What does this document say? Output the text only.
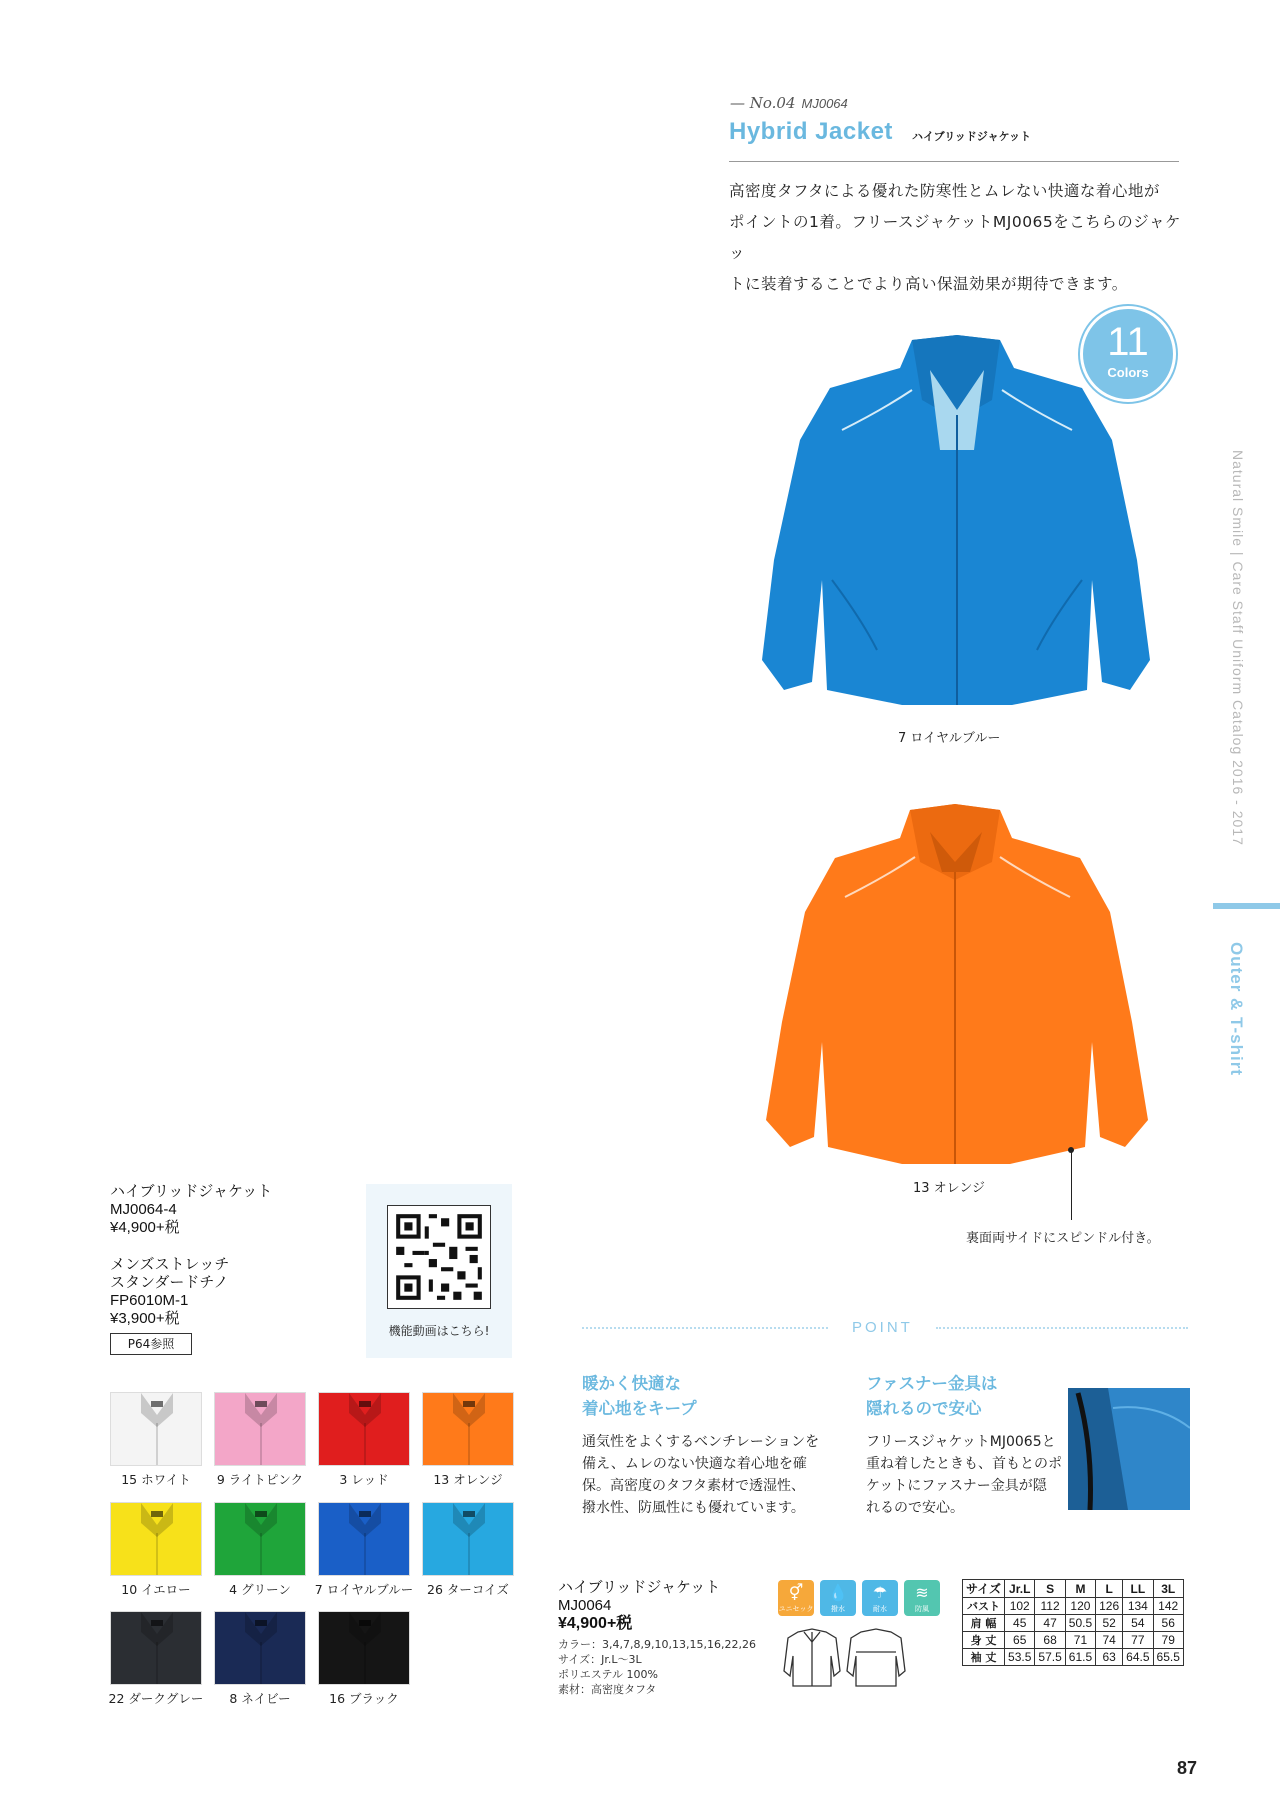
— No.04 MJ0064
Hybrid Jacket ハイブリッドジャケット
高密度タフタによる優れた防寒性とムレない快適な着心地が
ポイントの1着。フリースジャケットMJ0065をこちらのジャケッ
トに装着することでより高い保温効果が期待できます。
11
Colors
Natural Smile | Care Staff Uniform Catalog 2016 - 2017
Outer & T-shirt
7 ロイヤルブルー
13 オレンジ
裏面両サイドにスピンドル付き。
ハイブリッドジャケット
MJ0064-4
¥4,900+税
メンズストレッチ
スタンダードチノ
FP6010M-1
¥3,900+税
P64参照
機能動画はこちら!	POINT
暖かく快適な
着心地をキープ
通気性をよくするベンチレーションを
備え、ムレのない快適な着心地を確
保。高密度のタフタ素材で透湿性、
撥水性、防風性にも優れています。
ファスナー金具は
隠れるので安心
フリースジャケットMJ0065と
重ね着したときも、首もとのポ
ケットにファスナー金具が隠
れるので安心。
ハイブリッドジャケット
MJ0064
¥4,900+税
カラー：3,4,7,8,9,10,13,15,16,22,26
サイズ：Jr.L～3L
ポリエステル 100%
素材：高密度タフタ
サイズ	Jr.L	S	M	L	LL	3L
バスト	102	112	120	126	134	142
肩 幅	45	47	50.5	52	54	56
身 丈	65	68	71	74	77	79
袖 丈	53.5	57.5	61.5	63	64.5	65.5
87
15 ホワイト	9 ライトピンク	3 レッド	13 オレンジ
10 イエロー	4 グリーン	7 ロイヤルブルー	26 ターコイズ
22 ダークグレー	8 ネイビー	16 ブラック
⚥
ユニセックス
💧
撥水
☂
耐水
≋
防風
